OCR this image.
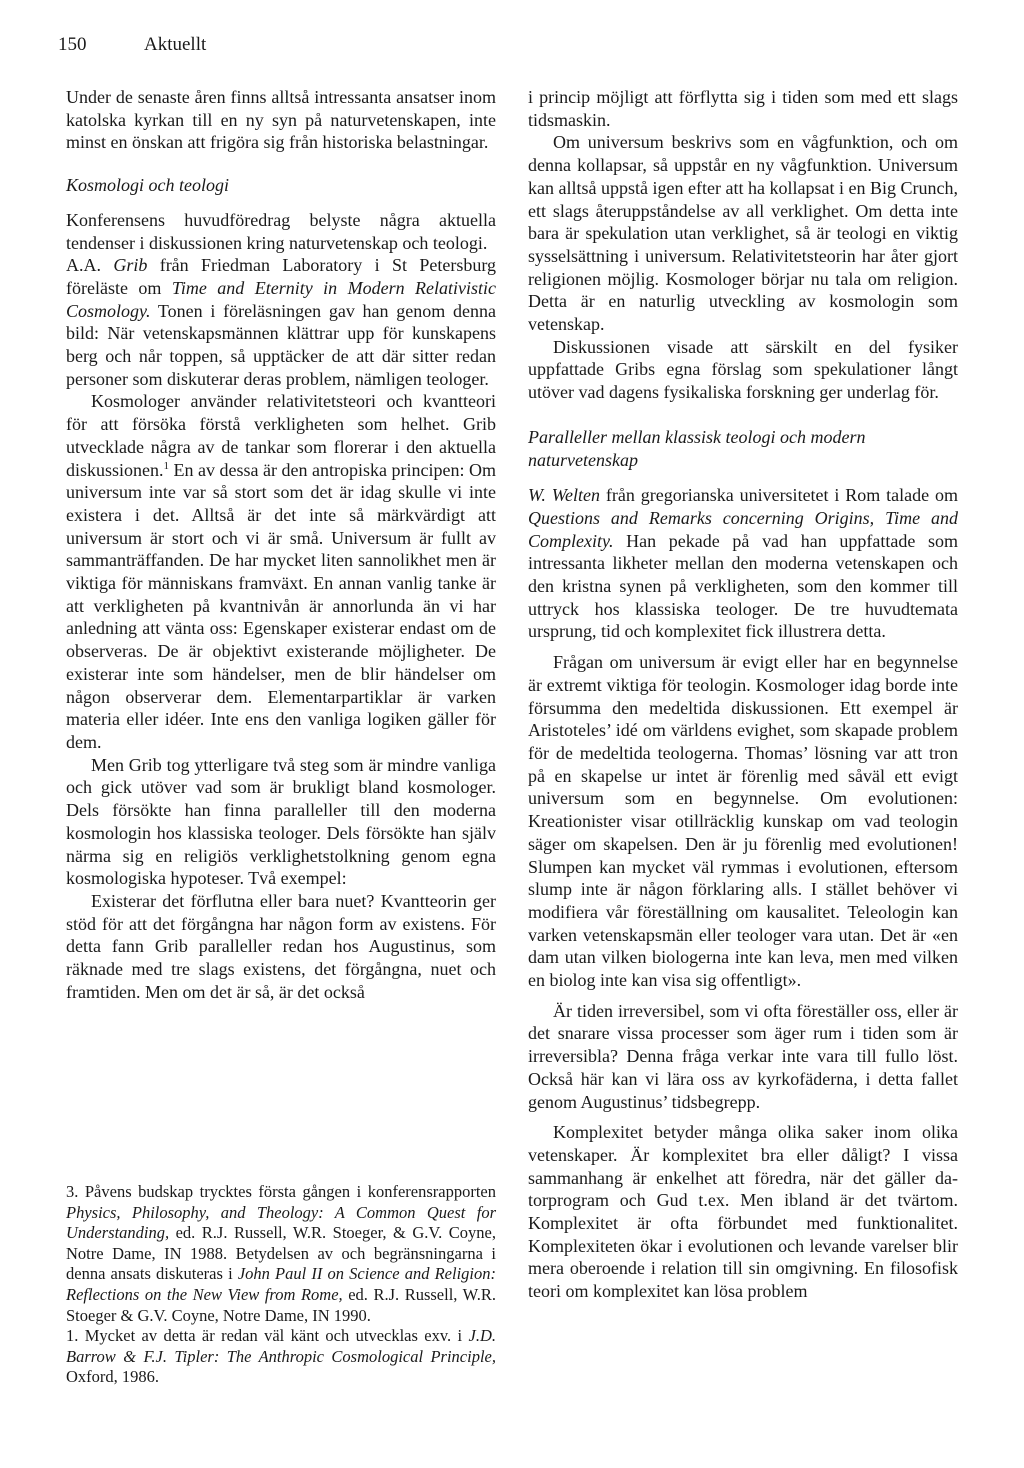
150	Aktuellt

Under de senaste åren finns alltså intressanta ansatser inom katolska kyrkan till en ny syn på naturvetenskapen, inte minst en önskan att frigöra sig från historiska belastningar.

Kosmologi och teologi

Konferensens huvudföredrag belyste några aktuella tendenser i diskussionen kring naturvetenskap och teologi.

A.A. Grib från Friedman Laboratory i St Petersburg föreläste om Time and Eternity in Modern Relativistic Cosmology. Tonen i föreläsningen gav han genom denna bild: När vetenskapsmännen klättrar upp för kunskapens berg och når toppen, så upptäcker de att där sitter redan personer som diskuterar deras problem, nämligen teologer.

Kosmologer använder relativitetsteori och kvantteori för att försöka förstå verkligheten som helhet. Grib utvecklade några av de tankar som florerar i den aktuella diskussionen.$^1$ En av dessa är den antropiska principen: Om universum inte var så stort som det är idag skulle vi inte existera i det. Alltså är det inte så märkvärdigt att universum är stort och vi är små. Universum är fullt av sammanträffanden. De har mycket liten sannolikhet men är viktiga för människans framväxt. En annan vanlig tanke är att verkligheten på kvantnivån är annorlunda än vi har anledning att vänta oss: Egenskaper existerar endast om de observeras. De är objektivt existerande möjligheter. De existerar inte som händelser, men de blir händelser om någon observerar dem. Elementarpartiklar är varken materia eller idéer. Inte ens den vanliga logiken gäller för dem.

Men Grib tog ytterligare två steg som är mindre vanliga och gick utöver vad som är brukligt bland kosmologer. Dels försökte han finna paralleller till den moderna kosmologin hos klassiska teologer. Dels försökte han själv närma sig en religiös verklighetstolkning genom egna kosmologiska hypoteser. Två exempel:

Existerar det förflutna eller bara nuet? Kvantteorin ger stöd för att det förgångna har någon form av existens. För detta fann Grib paralleller redan hos Augustinus, som räknade med tre slags existens, det förgångna, nuet och framtiden. Men om det är så, är det också

3. Påvens budskap trycktes första gången i konferensrapporten Physics, Philosophy, and Theology: A Common Quest for Understanding, ed. R.J. Russell, W.R. Stoeger, & G.V. Coyne, Notre Dame, IN 1988. Betydelsen av och begränsningarna i denna ansats diskuteras i John Paul II on Science and Religion: Reflections on the New View from Rome, ed. R.J. Russell, W.R. Stoeger & G.V. Coyne, Notre Dame, IN 1990.

1. Mycket av detta är redan väl känt och utvecklas exv. i J.D. Barrow & F.J. Tipler: The Anthropic Cosmological Principle, Oxford, 1986.

i princip möjligt att förflytta sig i tiden som med ett slags tidsmaskin.

Om universum beskrivs som en vågfunktion, och om denna kollapsar, så uppstår en ny vågfunktion. Universum kan alltså uppstå igen efter att ha kollapsat i en Big Crunch, ett slags återuppståndelse av all verklighet. Om detta inte bara är spekulation utan verklighet, så är teologi en viktig sysselsättning i universum. Relativitetsteorin har åter gjort religionen möjlig. Kosmologer börjar nu tala om religion. Detta är en naturlig utveckling av kosmologin som vetenskap.

Diskussionen visade att särskilt en del fysiker uppfattade Gribs egna förslag som spekulationer långt utöver vad dagens fysikaliska forskning ger underlag för.

Paralleller mellan klassisk teologi och modern naturvetenskap

W. Welten från gregorianska universitetet i Rom talade om Questions and Remarks concerning Origins, Time and Complexity. Han pekade på vad han uppfattade som intressanta likheter mellan den moderna vetenskapen och den kristna synen på verkligheten, som den kommer till uttryck hos klassiska teologer. De tre huvudtemata ursprung, tid och komplexitet fick illustrera detta.

Frågan om universum är evigt eller har en begynnelse är extremt viktiga för teologin. Kosmologer idag borde inte försumma den medeltida diskussionen. Ett exempel är Aristoteles’ idé om världens evighet, som skapade problem för de medeltida teologerna. Thomas’ lösning var att tron på en skapelse ur intet är förenlig med såväl ett evigt universum som en begynnelse. Om evolutionen: Kreationister visar otillräcklig kunskap om vad teologin säger om skapelsen. Den är ju förenlig med evolutionen! Slumpen kan mycket väl rymmas i evolutionen, eftersom slump inte är någon förklaring alls. I stället behöver vi modifiera vår föreställning om kausalitet. Teleologin kan varken vetenskapsmän eller teologer vara utan. Det är «en dam utan vilken biologerna inte kan leva, men med vilken en biolog inte kan visa sig offentligt».

Är tiden irreversibel, som vi ofta föreställer oss, eller är det snarare vissa processer som äger rum i tiden som är irreversibla? Denna fråga verkar inte vara till fullo löst. Också här kan vi lära oss av kyrkofäderna, i detta fallet genom Augustinus’ tidsbegrepp.

Komplexitet betyder många olika saker inom olika vetenskaper. Är komplexitet bra eller dåligt? I vissa sammanhang är enkelhet att föredra, när det gäller datorprogram och Gud t.ex. Men ibland är det tvärtom. Komplexitet är ofta förbundet med funktionalitet. Komplexiteten ökar i evolutionen och levande varelser blir mera oberoende i relation till sin omgivning. En filosofisk teori om komplexitet kan lösa problem
